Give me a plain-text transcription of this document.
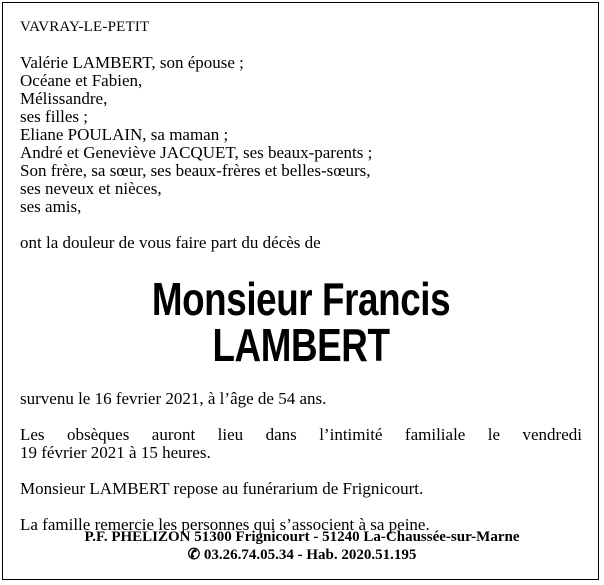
VAVRAY-LE-PETIT
Valérie LAMBERT, son épouse ;
Océane et Fabien,
Mélissandre,
ses filles ;
Eliane POULAIN, sa maman ;
André et Geneviève JACQUET, ses beaux-parents ;
Son frère, sa sœur, ses beaux-frères et belles-sœurs,
ses neveux et nièces,
ses amis,
ont la douleur de vous faire part du décès de
Monsieur Francis LAMBERT
survenu le 16 fevrier 2021, à l’âge de 54 ans.
Les obsèques auront lieu dans l’intimité familiale le vendredi
19 février 2021 à 15 heures.
Monsieur LAMBERT repose au funérarium de Frignicourt.
La famille remercie les personnes qui s’associent à sa peine.
P.F. PHELIZON 51300 Frignicourt - 51240 La-Chaussée-sur-Marne
✆ 03.26.74.05.34 - Hab. 2020.51.195
